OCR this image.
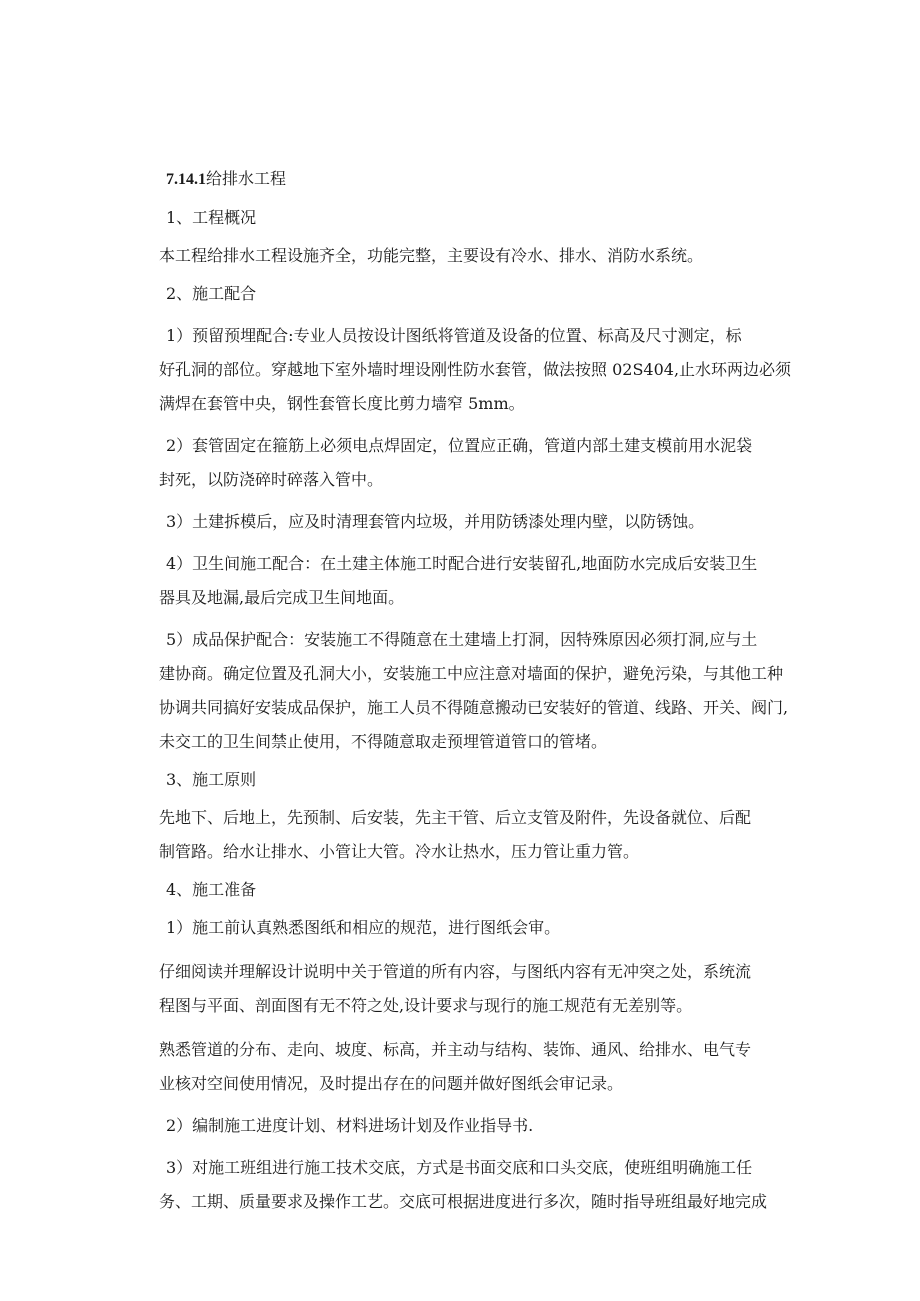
7.14.1给排水工程
1、工程概况
本工程给排水工程设施齐全，功能完整，主要设有冷水、排水、消防水系统。
2、施工配合
1）预留预埋配合:专业人员按设计图纸将管道及设备的位置、标高及尺寸测定，标
好孔洞的部位。穿越地下室外墙时埋设刚性防水套管，做法按照 02S404,止水环两边必须
满焊在套管中央，钢性套管长度比剪力墙窄 5mm。
2）套管固定在箍筋上必须电点焊固定，位置应正确，管道内部土建支模前用水泥袋
封死，以防浇碎时碎落入管中。
3）土建拆模后，应及时清理套管内垃圾，并用防锈漆处理内壁，以防锈蚀。
4）卫生间施工配合：在土建主体施工时配合进行安装留孔,地面防水完成后安装卫生
器具及地漏,最后完成卫生间地面。
5）成品保护配合：安装施工不得随意在土建墙上打洞，因特殊原因必须打洞,应与土
建协商。确定位置及孔洞大小，安装施工中应注意对墙面的保护，避免污染，与其他工种
协调共同搞好安装成品保护，施工人员不得随意搬动已安装好的管道、线路、开关、阀门,
未交工的卫生间禁止使用，不得随意取走预埋管道管口的管堵。
3、施工原则
先地下、后地上，先预制、后安装，先主干管、后立支管及附件，先设备就位、后配
制管路。给水让排水、小管让大管。冷水让热水，压力管让重力管。
4、施工准备
1）施工前认真熟悉图纸和相应的规范，进行图纸会审。
仔细阅读并理解设计说明中关于管道的所有内容，与图纸内容有无冲突之处，系统流
程图与平面、剖面图有无不符之处,设计要求与现行的施工规范有无差别等。
熟悉管道的分布、走向、坡度、标高，并主动与结构、装饰、通风、给排水、电气专
业核对空间使用情况，及时提出存在的问题并做好图纸会审记录。
2）编制施工进度计划、材料进场计划及作业指导书.
3）对施工班组进行施工技术交底，方式是书面交底和口头交底，使班组明确施工任
务、工期、质量要求及操作工艺。交底可根据进度进行多次，随时指导班组最好地完成
